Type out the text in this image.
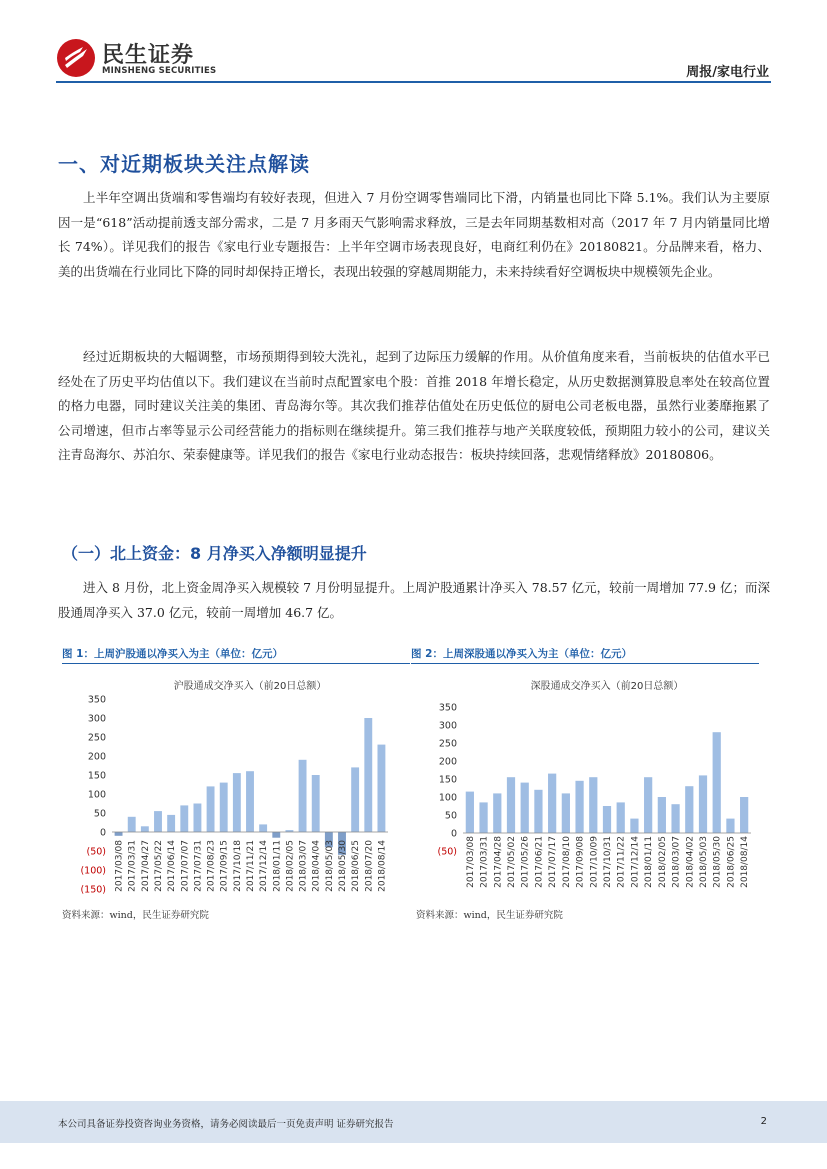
民生证券
MINSHENG SECURITIES	周报/家电行业
一、对近期板块关注点解读

上半年空调出货端和零售端均有较好表现，但进入 7 月份空调零售端同比下滑，内销量也同比下降 5.1%。我们认为主要原因一是“618”活动提前透支部分需求，二是 7 月多雨天气影响需求释放，三是去年同期基数相对高（2017 年 7 月内销量同比增长 74%）。详见我们的报告《家电行业专题报告：上半年空调市场表现良好，电商红利仍在》20180821。分品牌来看，格力、美的出货端在行业同比下降的同时却保持正增长，表现出较强的穿越周期能力，未来持续看好空调板块中规模领先企业。

经过近期板块的大幅调整，市场预期得到较大洗礼，起到了边际压力缓解的作用。从价值角度来看，当前板块的估值水平已经处在了历史平均估值以下。我们建议在当前时点配置家电个股：首推 2018 年增长稳定，从历史数据测算股息率处在较高位置的格力电器，同时建议关注美的集团、青岛海尔等。其次我们推荐估值处在历史低位的厨电公司老板电器，虽然行业萎靡拖累了公司增速，但市占率等显示公司经营能力的指标则在继续提升。第三我们推荐与地产关联度较低，预期阻力较小的公司，建议关注青岛海尔、苏泊尔、荣泰健康等。详见我们的报告《家电行业动态报告：板块持续回落，悲观情绪释放》20180806。

（一）北上资金：8 月净买入净额明显提升

进入 8 月份，北上资金周净买入规模较 7 月份明显提升。上周沪股通累计净买入 78.57 亿元，较前一周增加 77.9 亿；而深股通周净买入 37.0 亿元，较前一周增加 46.7 亿。

图 1：上周沪股通以净买入为主（单位：亿元）
沪股通成交净买入（前20日总额）
350
300
250
200
150
100
50
0
(50)
(100)
(150) 2017/03/08 2017/03/31 2017/04/27 2017/05/22 2017/06/14 2017/07/07 2017/07/31 2017/08/23 2017/09/15 2017/10/18 2017/11/21 2017/12/14 2018/01/11 2018/02/05 2018/03/07 2018/04/04 2018/05/03 2018/05/30 2018/06/25 2018/07/20 2018/08/14
资料来源：wind，民生证券研究院
图 2：上周深股通以净买入为主（单位：亿元）
深股通成交净买入（前20日总额）
350
300
250
200
150
100
50
0
(50) 2017/03/08 2017/03/31 2017/04/28 2017/05/02 2017/05/26 2017/06/21 2017/07/17 2017/08/10 2017/09/08 2017/10/09 2017/10/31 2017/11/22 2017/12/14 2018/01/11 2018/02/05 2018/03/07 2018/04/02 2018/05/03 2018/05/30 2018/06/25 2018/08/14
资料来源：wind，民生证券研究院
本公司具备证券投资咨询业务资格，请务必阅读最后一页免责声明 证券研究报告	2
